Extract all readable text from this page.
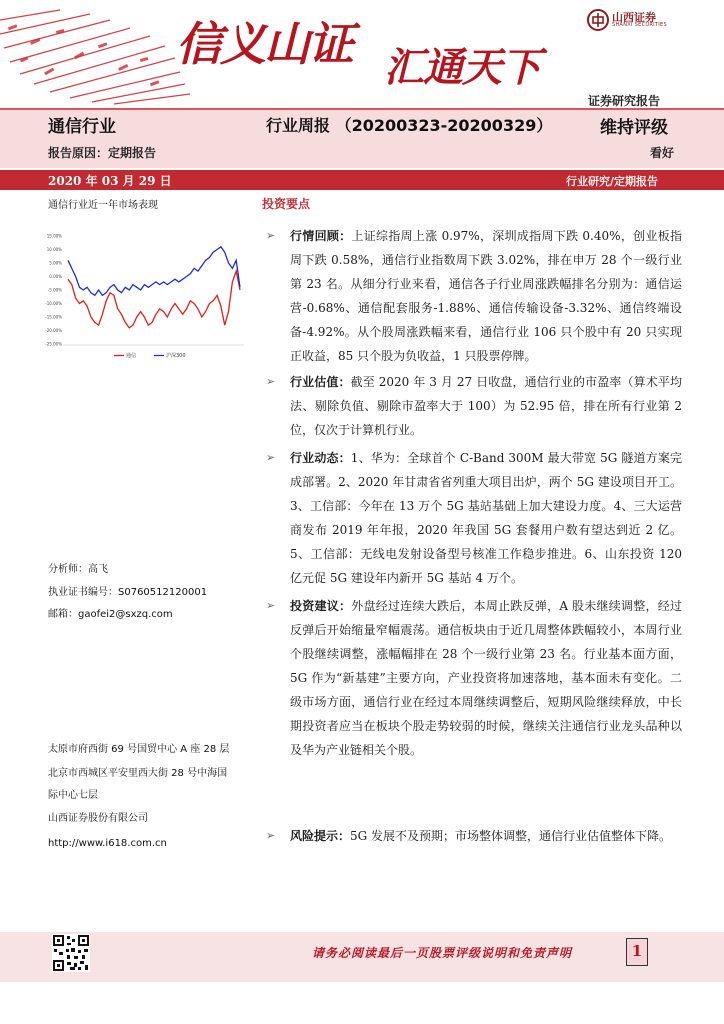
信义山证 汇通天下
山西证券
SHANXI SECURITIES
证券研究报告
通信行业	行业周报 （20200323-20200329）	维持评级
报告原因：定期报告	看好
2020 年 03 月 29 日	行业研究/定期报告
通信行业近一年市场表现
15.00%
10.00%
5.00%
0.00%
-5.00%
-10.00%
-15.00%
-20.00%
-25.00%
通信	沪深300
分析师：高飞
执业证书编号：S0760512120001
邮箱：gaofei2@sxzq.com
太原市府西街 69 号国贸中心 A 座 28 层
北京市西城区平安里西大街 28 号中海国
际中心七层
山西证券股份有限公司
http://www.i618.com.cn
投资要点
➢	行情回顾：上证综指周上涨 0.97%，深圳成指周下跌 0.40%，创业板指周下跌 0.58%，通信行业指数周下跌 3.02%，排在申万 28 个一级行业第 23 名。从细分行业来看，通信各子行业周涨跌幅排名分别为：通信运营-0.68%、通信配套服务-1.88%、通信传输设备-3.32%、通信终端设备-4.92%。从个股周涨跌幅来看，通信行业 106 只个股中有 20 只实现正收益，85 只个股为负收益，1 只股票停牌。
➢	行业估值：截至 2020 年 3 月 27 日收盘，通信行业的市盈率（算术平均法、剔除负值、剔除市盈率大于 100）为 52.95 倍，排在所有行业第 2 位，仅次于计算机行业。
➢	行业动态：1、华为：全球首个 C-Band 300M 最大带宽 5G 隧道方案完成部署。2、2020 年甘肃省省列重大项目出炉，两个 5G 建设项目开工。3、工信部：今年在 13 万个 5G 基站基础上加大建设力度。4、三大运营商发布 2019 年年报，2020 年我国 5G 套餐用户数有望达到近 2 亿。5、工信部：无线电发射设备型号核准工作稳步推进。6、山东投资 120 亿元促 5G 建设年内新开 5G 基站 4 万个。
➢	投资建议：外盘经过连续大跌后，本周止跌反弹，A 股未继续调整，经过反弹后开始缩量窄幅震荡。通信板块由于近几周整体跌幅较小，本周行业个股继续调整，涨幅幅排在 28 个一级行业第 23 名。行业基本面方面，5G 作为“新基建”主要方向，产业投资将加速落地，基本面未有变化。二级市场方面，通信行业在经过本周继续调整后，短期风险继续释放，中长期投资者应当在板块个股走势较弱的时候，继续关注通信行业龙头品种以及华为产业链相关个股。
➢	风险提示：5G 发展不及预期；市场整体调整，通信行业估值整体下降。
请务必阅读最后一页股票评级说明和免责声明	1
